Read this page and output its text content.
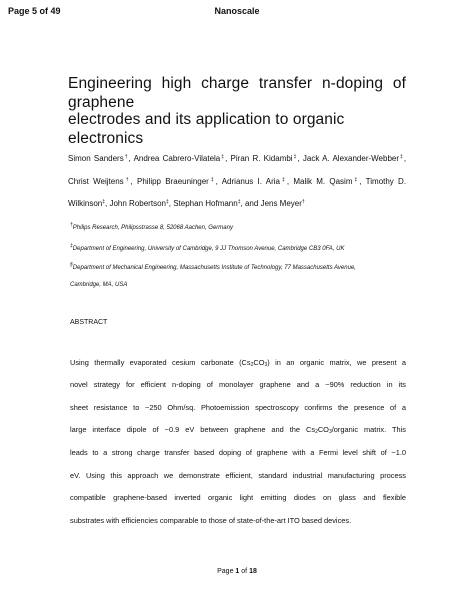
Page 5 of 49	Nanoscale
Engineering high charge transfer n-doping of graphene
electrodes and its application to organic electronics
Simon Sanders†, Andrea Cabrero-Vilatela‡, Piran R. Kidambi‡, Jack A. Alexander-Webber‡,
Christ Weijtens†, Philipp Braeuninger‡, Adrianus I. Aria‡, Malik M. Qasim‡, Timothy D.
Wilkinson‡, John Robertson‡, Stephan Hofmann‡, and Jens Meyer†
†Philips Research, Philipsstrasse 8, 52068 Aachen, Germany
‡Department of Engineering, University of Cambridge, 9 JJ Thomson Avenue, Cambridge CB3 0FA, UK
§Department of Mechanical Engineering, Massachusetts Institute of Technology, 77 Massachusetts Avenue,
Cambridge, MA, USA
ABSTRACT
Using thermally evaporated cesium carbonate $(Cs_2CO_3)$ in an organic matrix, we present a
novel strategy for efficient n-doping of monolayer graphene and a ~90% reduction in its
sheet resistance to ~250 Ohm/sq. Photoemission spectroscopy confirms the presence of a
large interface dipole of ~0.9 eV between graphene and the $Cs_2CO_3$/organic matrix. This
leads to a strong charge transfer based doping of graphene with a Fermi level shift of ~1.0
eV. Using this approach we demonstrate efficient, standard industrial manufacturing process
compatible graphene-based inverted organic light emitting diodes on glass and flexible
substrates with efficiencies comparable to those of state-of-the-art ITO based devices.
Page 1 of 18
